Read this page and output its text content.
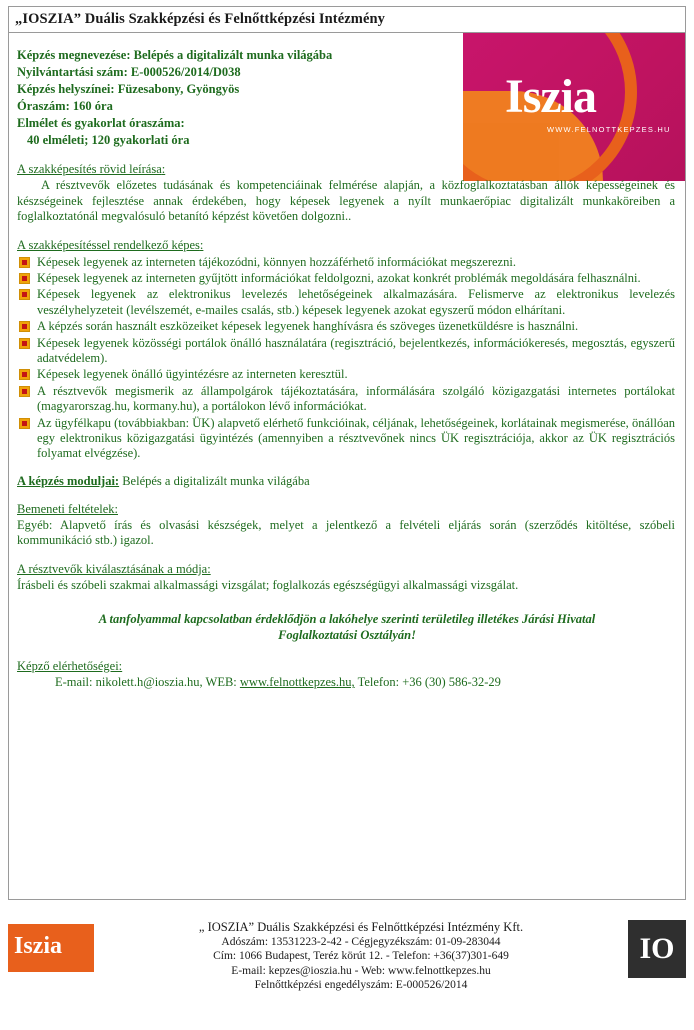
„IOSZIA” Duális Szakképzési és Felnőttképzési Intézmény
Iszia
WWW.FELNOTTKEPZES.HU
Képzés megnevezése: Belépés a digitalizált munka világába
Nyilvántartási szám: E-000526/2014/D038
Képzés helyszínei: Füzesabony, Gyöngyös
Óraszám: 160 óra
Elmélet és gyakorlat óraszáma:
40 elméleti; 120 gyakorlati óra
A szakképesítés rövid leírása:
A résztvevők előzetes tudásának és kompetenciáinak felmérése alapján, a közfoglalkoztatásban állók képességeinek és készségeinek fejlesztése annak érdekében, hogy képesek legyenek a nyílt munkaerőpiac digitalizált munkaköreiben a foglalkoztatónál megvalósuló betanító képzést követően dolgozni..
A szakképesítéssel rendelkező képes:
Képesek legyenek az interneten tájékozódni, könnyen hozzáférhető információkat megszerezni.
Képesek legyenek az interneten gyűjtött információkat feldolgozni, azokat konkrét problémák megoldására felhasználni.
Képesek legyenek az elektronikus levelezés lehetőségeinek alkalmazására. Felismerve az elektronikus levelezés veszélyhelyzeteit (levélszemét, e-mailes csalás, stb.) képesek legyenek azokat egyszerű módon elhárítani.
A képzés során használt eszközeiket képesek legyenek hanghívásra és szöveges üzenetküldésre is használni.
Képesek legyenek közösségi portálok önálló használatára (regisztráció, bejelentkezés, információkeresés, megosztás, egyszerű adatvédelem).
Képesek legyenek önálló ügyintézésre az interneten keresztül.
A résztvevők megismerik az állampolgárok tájékoztatására, informálására szolgáló közigazgatási internetes portálokat (magyarorszag.hu, kormany.hu), a portálokon lévő információkat.
Az ügyfélkapu (továbbiakban: ÜK) alapvető elérhető funkcióinak, céljának, lehetőségeinek, korlátainak megismerése, önállóan egy elektronikus közigazgatási ügyintézés (amennyiben a résztvevőnek nincs ÜK regisztrációja, akkor az ÜK regisztrációs folyamat elvégzése).
A képzés moduljai: Belépés a digitalizált munka világába
Bemeneti feltételek:
Egyéb: Alapvető írás és olvasási készségek, melyet a jelentkező a felvételi eljárás során (szerződés kitöltése, szóbeli kommunikáció stb.) igazol.
A résztvevők kiválasztásának a módja:
Írásbeli és szóbeli szakmai alkalmassági vizsgálat; foglalkozás egészségügyi alkalmassági vizsgálat.
A tanfolyammal kapcsolatban érdeklődjön a lakóhelye szerinti területileg illetékes Járási Hivatal
Foglalkoztatási Osztályán!
Képző elérhetőségei:
E-mail: nikolett.h@ioszia.hu, WEB: www.felnottkepzes.hu, Telefon: +36 (30) 586-32-29
Iszia
„ IOSZIA” Duális Szakképzési és Felnőttképzési Intézmény Kft.
Adószám: 13531223-2-42 - Cégjegyzékszám: 01-09-283044
Cím: 1066 Budapest, Teréz körút 12. - Telefon: +36(37)301-649
E-mail: kepzes@ioszia.hu - Web: www.felnottkepzes.hu
Felnőttképzési engedélyszám: E-000526/2014
IO
